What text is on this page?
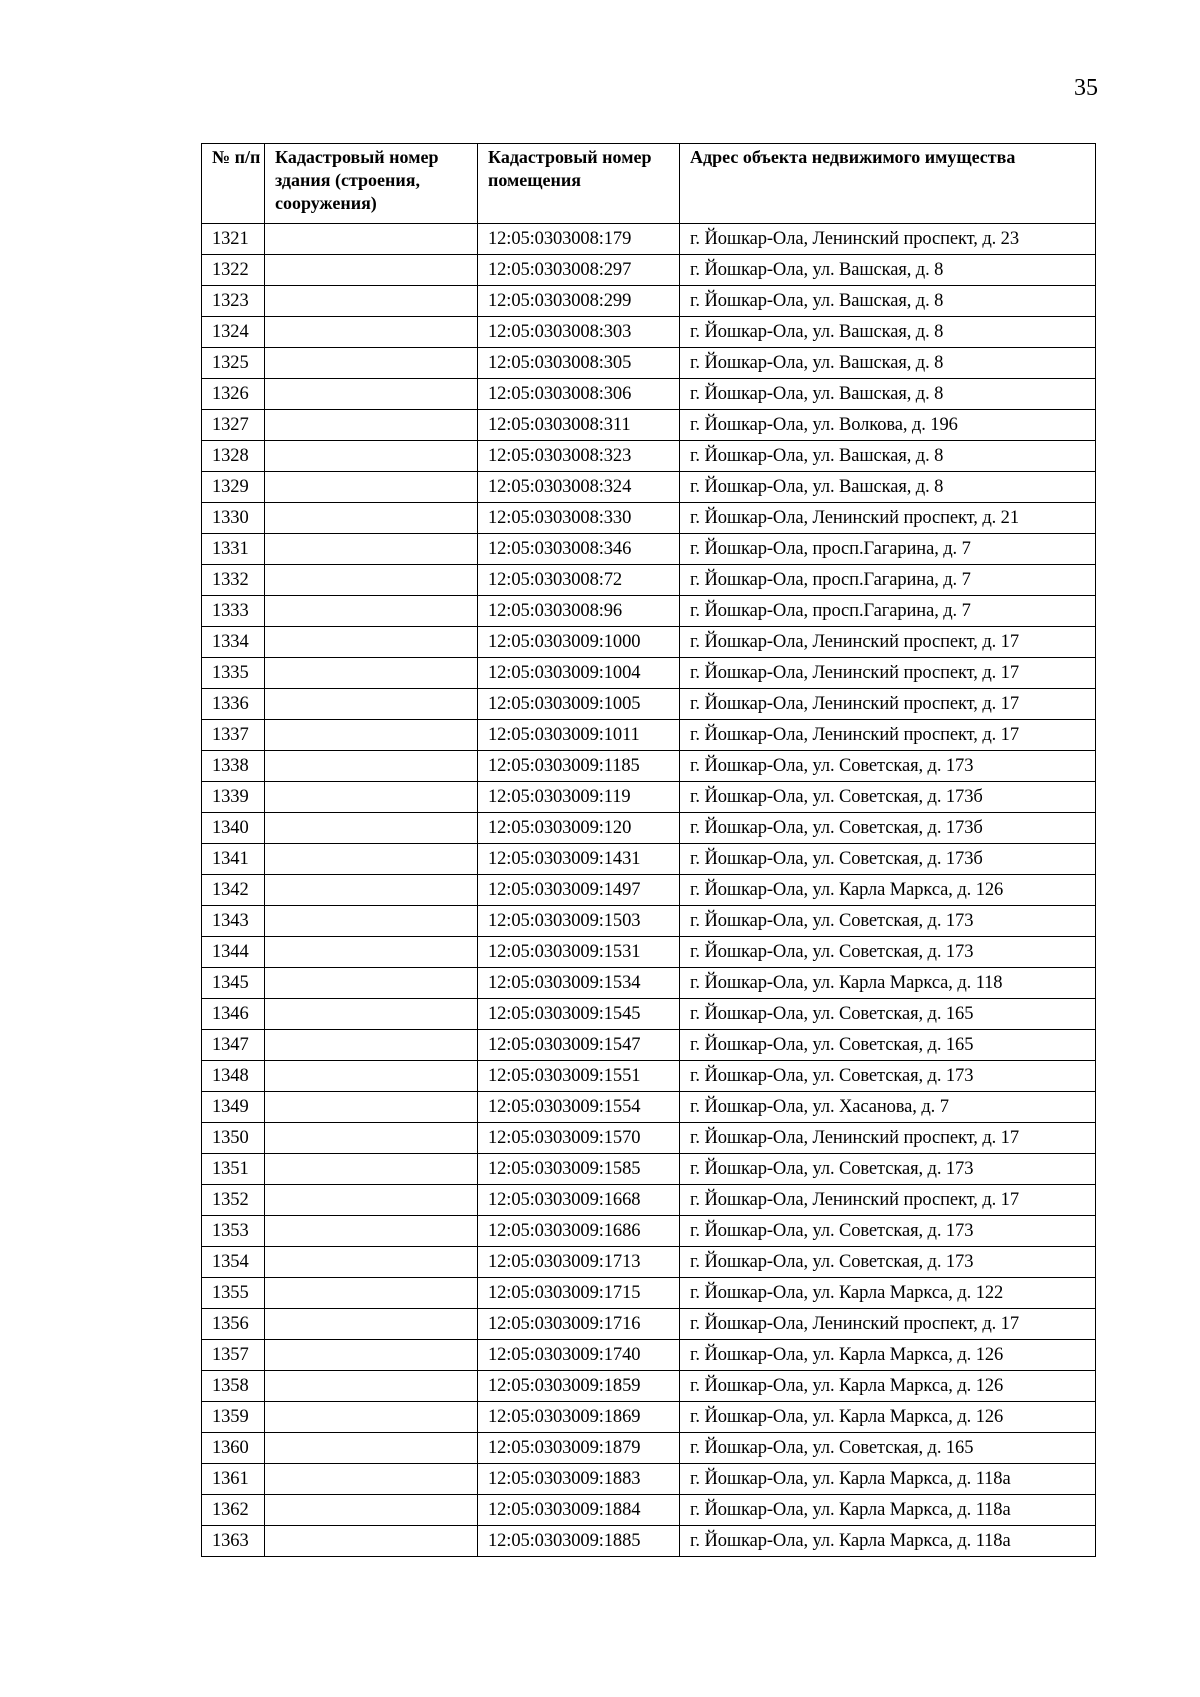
35
№ п/п	Кадастровый номер здания (строения, сооружения)	Кадастровый номер помещения	Адрес объекта недвижимого имущества
1321		12:05:0303008:179	г. Йошкар-Ола, Ленинский проспект, д. 23
1322		12:05:0303008:297	г. Йошкар-Ола, ул. Вашская, д. 8
1323		12:05:0303008:299	г. Йошкар-Ола, ул. Вашская, д. 8
1324		12:05:0303008:303	г. Йошкар-Ола, ул. Вашская, д. 8
1325		12:05:0303008:305	г. Йошкар-Ола, ул. Вашская, д. 8
1326		12:05:0303008:306	г. Йошкар-Ола, ул. Вашская, д. 8
1327		12:05:0303008:311	г. Йошкар-Ола, ул. Волкова, д. 196
1328		12:05:0303008:323	г. Йошкар-Ола, ул. Вашская, д. 8
1329		12:05:0303008:324	г. Йошкар-Ола, ул. Вашская, д. 8
1330		12:05:0303008:330	г. Йошкар-Ола, Ленинский проспект, д. 21
1331		12:05:0303008:346	г. Йошкар-Ола, просп.Гагарина, д. 7
1332		12:05:0303008:72	г. Йошкар-Ола, просп.Гагарина, д. 7
1333		12:05:0303008:96	г. Йошкар-Ола, просп.Гагарина, д. 7
1334		12:05:0303009:1000	г. Йошкар-Ола, Ленинский проспект, д. 17
1335		12:05:0303009:1004	г. Йошкар-Ола, Ленинский проспект, д. 17
1336		12:05:0303009:1005	г. Йошкар-Ола, Ленинский проспект, д. 17
1337		12:05:0303009:1011	г. Йошкар-Ола, Ленинский проспект, д. 17
1338		12:05:0303009:1185	г. Йошкар-Ола, ул. Советская, д. 173
1339		12:05:0303009:119	г. Йошкар-Ола, ул. Советская, д. 173б
1340		12:05:0303009:120	г. Йошкар-Ола, ул. Советская, д. 173б
1341		12:05:0303009:1431	г. Йошкар-Ола, ул. Советская, д. 173б
1342		12:05:0303009:1497	г. Йошкар-Ола, ул. Карла Маркса, д. 126
1343		12:05:0303009:1503	г. Йошкар-Ола, ул. Советская, д. 173
1344		12:05:0303009:1531	г. Йошкар-Ола, ул. Советская, д. 173
1345		12:05:0303009:1534	г. Йошкар-Ола, ул. Карла Маркса, д. 118
1346		12:05:0303009:1545	г. Йошкар-Ола, ул. Советская, д. 165
1347		12:05:0303009:1547	г. Йошкар-Ола, ул. Советская, д. 165
1348		12:05:0303009:1551	г. Йошкар-Ола, ул. Советская, д. 173
1349		12:05:0303009:1554	г. Йошкар-Ола, ул. Хасанова, д. 7
1350		12:05:0303009:1570	г. Йошкар-Ола, Ленинский проспект, д. 17
1351		12:05:0303009:1585	г. Йошкар-Ола, ул. Советская, д. 173
1352		12:05:0303009:1668	г. Йошкар-Ола, Ленинский проспект, д. 17
1353		12:05:0303009:1686	г. Йошкар-Ола, ул. Советская, д. 173
1354		12:05:0303009:1713	г. Йошкар-Ола, ул. Советская, д. 173
1355		12:05:0303009:1715	г. Йошкар-Ола, ул. Карла Маркса, д. 122
1356		12:05:0303009:1716	г. Йошкар-Ола, Ленинский проспект, д. 17
1357		12:05:0303009:1740	г. Йошкар-Ола, ул. Карла Маркса, д. 126
1358		12:05:0303009:1859	г. Йошкар-Ола, ул. Карла Маркса, д. 126
1359		12:05:0303009:1869	г. Йошкар-Ола, ул. Карла Маркса, д. 126
1360		12:05:0303009:1879	г. Йошкар-Ола, ул. Советская, д. 165
1361		12:05:0303009:1883	г. Йошкар-Ола, ул. Карла Маркса, д. 118а
1362		12:05:0303009:1884	г. Йошкар-Ола, ул. Карла Маркса, д. 118а
1363		12:05:0303009:1885	г. Йошкар-Ола, ул. Карла Маркса, д. 118а
